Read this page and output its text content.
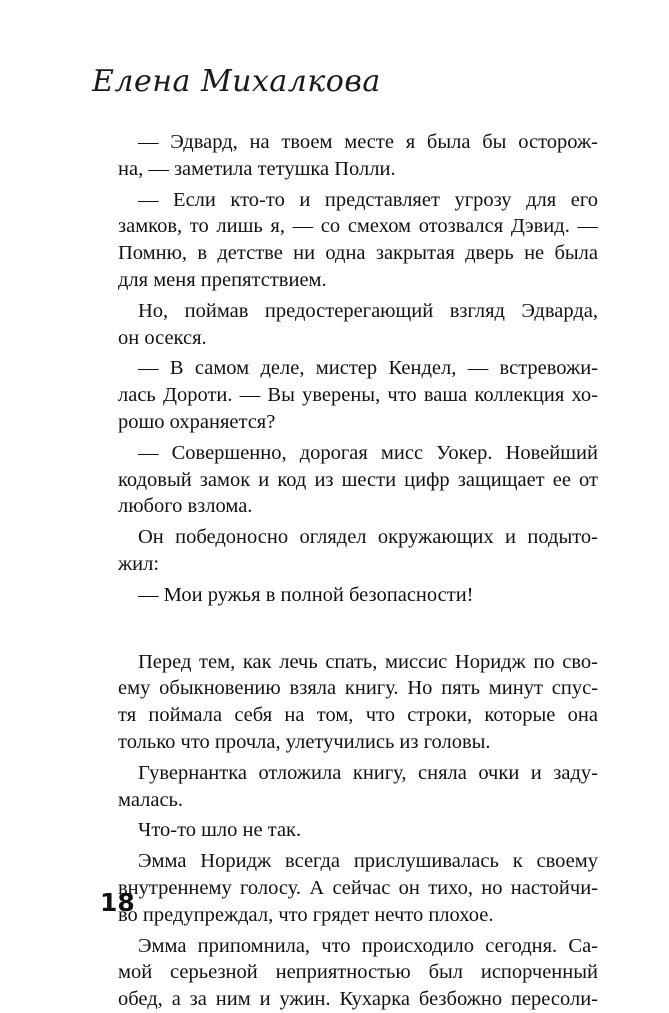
Елена Михалкова
— Эдвард, на твоем месте я была бы осторож-
на, — заметила тетушка Полли.
— Если кто-то и представляет угрозу для его
замков, то лишь я, — со смехом отозвался Дэвид. —
Помню, в детстве ни одна закрытая дверь не была
для меня препятствием.
Но, поймав предостерегающий взгляд Эдварда,
он осекся.
— В самом деле, мистер Кендел, — встревожи-
лась Дороти. — Вы уверены, что ваша коллекция хо-
рошо охраняется?
— Совершенно, дорогая мисс Уокер. Новейший
кодовый замок и код из шести цифр защищает ее от
любого взлома.
Он победоносно оглядел окружающих и подыто-
жил:
— Мои ружья в полной безопасности!
Перед тем, как лечь спать, миссис Норидж по сво-
ему обыкновению взяла книгу. Но пять минут спус-
тя поймала себя на том, что строки, которые она
только что прочла, улетучились из головы.
Гувернантка отложила книгу, сняла очки и заду-
малась.
Что-то шло не так.
Эмма Норидж всегда прислушивалась к своему
внутреннему голосу. А сейчас он тихо, но настойчи-
во предупреждал, что грядет нечто плохое.
Эмма припомнила, что происходило сегодня. Са-
мой серьезной неприятностью был испорченный
обед, а за ним и ужин. Кухарка безбожно пересоли-
18
